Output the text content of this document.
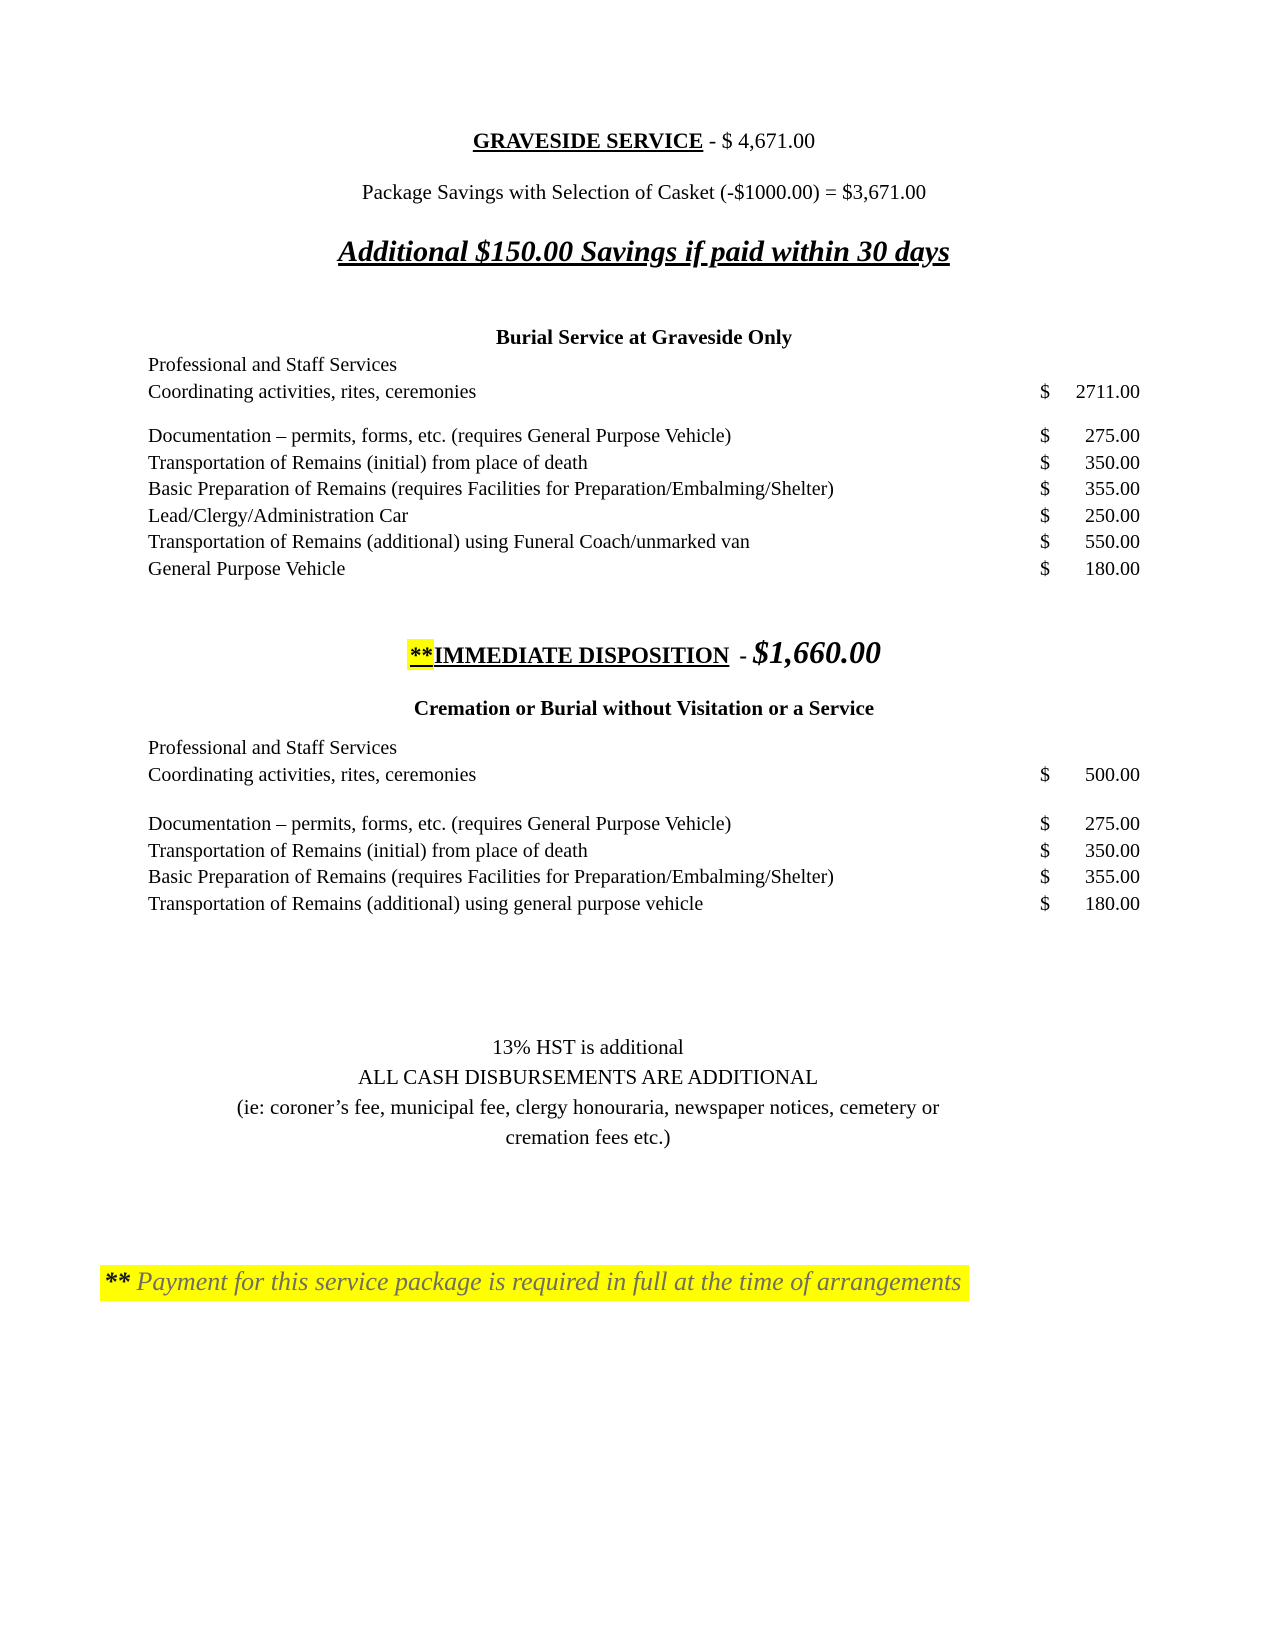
GRAVESIDE SERVICE - $ 4,671.00

Package Savings with Selection of Casket (-$1000.00) = $3,671.00

Additional $150.00 Savings if paid within 30 days

Burial Service at Graveside Only

Professional and Staff Services

Coordinating activities, rites, ceremonies	$ 2711.00
Documentation – permits, forms, etc. (requires General Purpose Vehicle)	$ 275.00
Transportation of Remains (initial) from place of death	$ 350.00
Basic Preparation of Remains (requires Facilities for Preparation/Embalming/Shelter)	$ 355.00
Lead/Clergy/Administration Car	$ 250.00
Transportation of Remains (additional) using Funeral Coach/unmarked van	$ 550.00
General Purpose Vehicle	$ 180.00

**IMMEDIATE DISPOSITION - $1,660.00

Cremation or Burial without Visitation or a Service

Professional and Staff Services

Coordinating activities, rites, ceremonies	$ 500.00
Documentation – permits, forms, etc. (requires General Purpose Vehicle)	$ 275.00
Transportation of Remains (initial) from place of death	$ 350.00
Basic Preparation of Remains (requires Facilities for Preparation/Embalming/Shelter)	$ 355.00
Transportation of Remains (additional) using general purpose vehicle	$ 180.00

13% HST is additional

ALL CASH DISBURSEMENTS ARE ADDITIONAL

(ie: coroner’s fee, municipal fee, clergy honouraria, newspaper notices, cemetery or

cremation fees etc.)

** Payment for this service package is required in full at the time of arrangements
